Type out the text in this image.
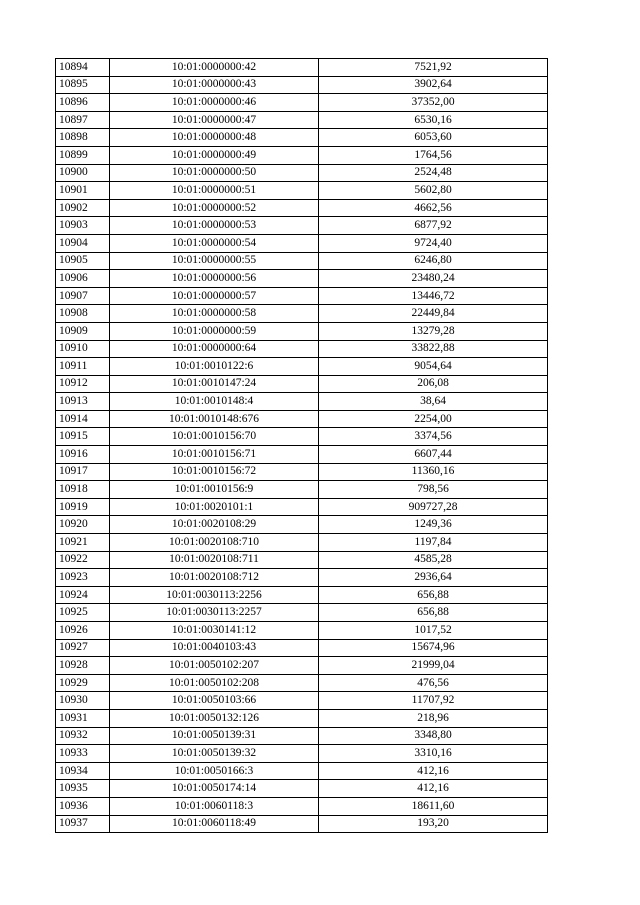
10894	10:01:0000000:42	7521,92
10895	10:01:0000000:43	3902,64
10896	10:01:0000000:46	37352,00
10897	10:01:0000000:47	6530,16
10898	10:01:0000000:48	6053,60
10899	10:01:0000000:49	1764,56
10900	10:01:0000000:50	2524,48
10901	10:01:0000000:51	5602,80
10902	10:01:0000000:52	4662,56
10903	10:01:0000000:53	6877,92
10904	10:01:0000000:54	9724,40
10905	10:01:0000000:55	6246,80
10906	10:01:0000000:56	23480,24
10907	10:01:0000000:57	13446,72
10908	10:01:0000000:58	22449,84
10909	10:01:0000000:59	13279,28
10910	10:01:0000000:64	33822,88
10911	10:01:0010122:6	9054,64
10912	10:01:0010147:24	206,08
10913	10:01:0010148:4	38,64
10914	10:01:0010148:676	2254,00
10915	10:01:0010156:70	3374,56
10916	10:01:0010156:71	6607,44
10917	10:01:0010156:72	11360,16
10918	10:01:0010156:9	798,56
10919	10:01:0020101:1	909727,28
10920	10:01:0020108:29	1249,36
10921	10:01:0020108:710	1197,84
10922	10:01:0020108:711	4585,28
10923	10:01:0020108:712	2936,64
10924	10:01:0030113:2256	656,88
10925	10:01:0030113:2257	656,88
10926	10:01:0030141:12	1017,52
10927	10:01:0040103:43	15674,96
10928	10:01:0050102:207	21999,04
10929	10:01:0050102:208	476,56
10930	10:01:0050103:66	11707,92
10931	10:01:0050132:126	218,96
10932	10:01:0050139:31	3348,80
10933	10:01:0050139:32	3310,16
10934	10:01:0050166:3	412,16
10935	10:01:0050174:14	412,16
10936	10:01:0060118:3	18611,60
10937	10:01:0060118:49	193,20
